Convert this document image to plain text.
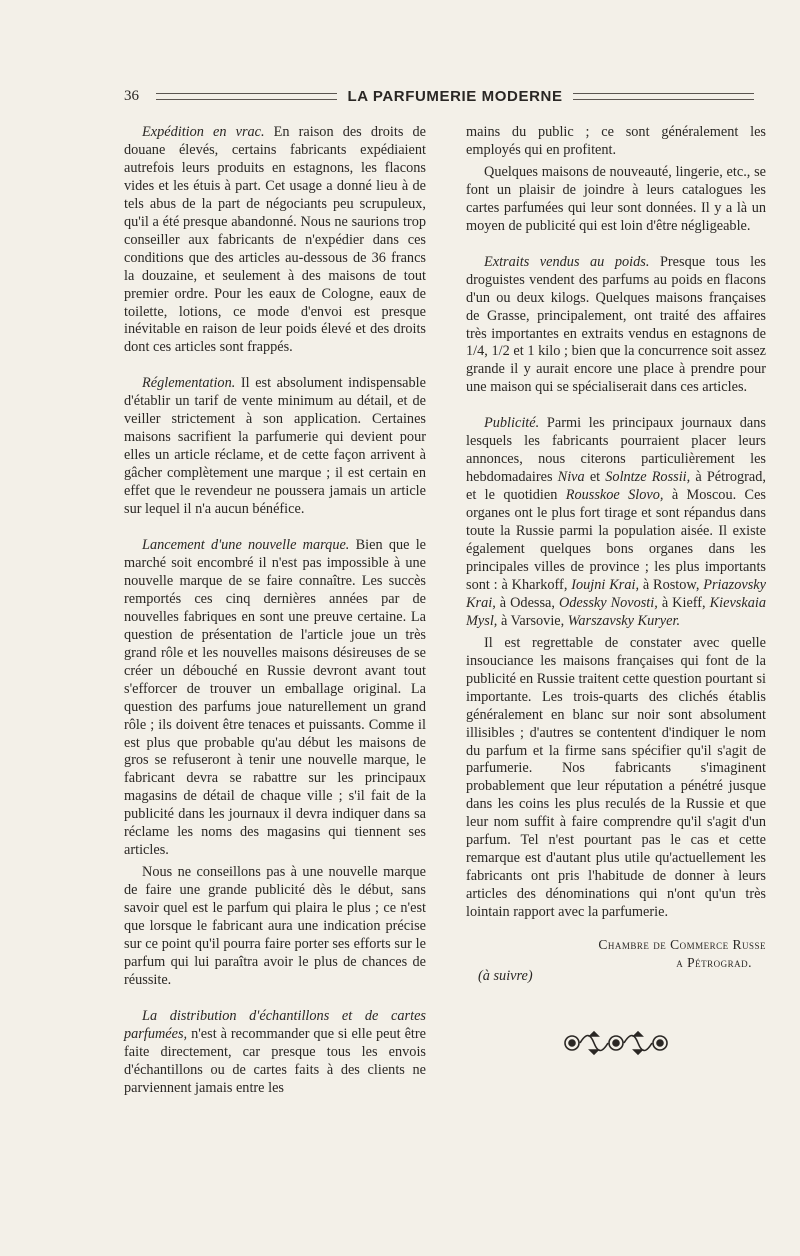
36	LA PARFUMERIE MODERNE

Expédition en vrac. En raison des droits de douane élevés, certains fabricants expédiaient autrefois leurs produits en estagnons, les flacons vides et les étuis à part. Cet usage a donné lieu à de tels abus de la part de négociants peu scrupuleux, qu'il a été presque abandonné. Nous ne saurions trop conseiller aux fabricants de n'expédier dans ces conditions que des articles au-dessous de 36 francs la douzaine, et seulement à des maisons de tout premier ordre. Pour les eaux de Cologne, eaux de toilette, lotions, ce mode d'envoi est presque inévitable en raison de leur poids élevé et des droits dont ces articles sont frappés.

Réglementation. Il est absolument indispensable d'établir un tarif de vente minimum au détail, et de veiller strictement à son application. Certaines maisons sacrifient la parfumerie qui devient pour elles un article réclame, et de cette façon arrivent à gâcher complètement une marque ; il est certain en effet que le revendeur ne poussera jamais un article sur lequel il n'a aucun bénéfice.

Lancement d'une nouvelle marque. Bien que le marché soit encombré il n'est pas impossible à une nouvelle marque de se faire connaître. Les succès remportés ces cinq dernières années par de nouvelles fabriques en sont une preuve certaine. La question de présentation de l'article joue un très grand rôle et les nouvelles maisons désireuses de se créer un débouché en Russie devront avant tout s'efforcer de trouver un emballage original. La question des parfums joue naturellement un grand rôle ; ils doivent être tenaces et puissants. Comme il est plus que probable qu'au début les maisons de gros se refuseront à tenir une nouvelle marque, le fabricant devra se rabattre sur les principaux magasins de détail de chaque ville ; s'il fait de la publicité dans les journaux il devra indiquer dans sa réclame les noms des magasins qui tiennent ses articles.

Nous ne conseillons pas à une nouvelle marque de faire une grande publicité dès le début, sans savoir quel est le parfum qui plaira le plus ; ce n'est que lorsque le fabricant aura une indication précise sur ce point qu'il pourra faire porter ses efforts sur le parfum qui lui paraîtra avoir le plus de chances de réussite.

La distribution d'échantillons et de cartes parfumées, n'est à recommander que si elle peut être faite directement, car presque tous les envois d'échantillons ou de cartes faits à des clients ne parviennent jamais entre les

mains du public ; ce sont généralement les employés qui en profitent.

Quelques maisons de nouveauté, lingerie, etc., se font un plaisir de joindre à leurs catalogues les cartes parfumées qui leur sont données. Il y a là un moyen de publicité qui est loin d'être négligeable.

Extraits vendus au poids. Presque tous les droguistes vendent des parfums au poids en flacons d'un ou deux kilogs. Quelques maisons françaises de Grasse, principalement, ont traité des affaires très importantes en extraits vendus en estagnons de 1/4, 1/2 et 1 kilo ; bien que la concurrence soit assez grande il y aurait encore une place à prendre pour une maison qui se spécialiserait dans ces articles.

Publicité. Parmi les principaux journaux dans lesquels les fabricants pourraient placer leurs annonces, nous citerons particulièrement les hebdomadaires Niva et Solntze Rossii, à Pétrograd, et le quotidien Rousskoe Slovo, à Moscou. Ces organes ont le plus fort tirage et sont répandus dans toute la Russie parmi la population aisée. Il existe également quelques bons organes dans les principales villes de province ; les plus importants sont : à Kharkoff, Ioujni Krai, à Rostow, Priazovsky Krai, à Odessa, Odessky Novosti, à Kieff, Kievskaia Mysl, à Varsovie, Warszavsky Kuryer.

Il est regrettable de constater avec quelle insouciance les maisons françaises qui font de la publicité en Russie traitent cette question pourtant si importante. Les trois-quarts des clichés établis généralement en blanc sur noir sont absolument illisibles ; d'autres se contentent d'indiquer le nom du parfum et la firme sans spécifier qu'il s'agit de parfumerie. Nos fabricants s'imaginent probablement que leur réputation a pénétré jusque dans les coins les plus reculés de la Russie et que leur nom suffit à faire comprendre qu'il s'agit d'un parfum. Tel n'est pourtant pas le cas et cette remarque est d'autant plus utile qu'actuellement les fabricants ont pris l'habitude de donner à leurs articles des dénominations qui n'ont qu'un très lointain rapport avec la parfumerie.

Chambre de Commerce Russe

a Pétrograd.
(à suivre)
